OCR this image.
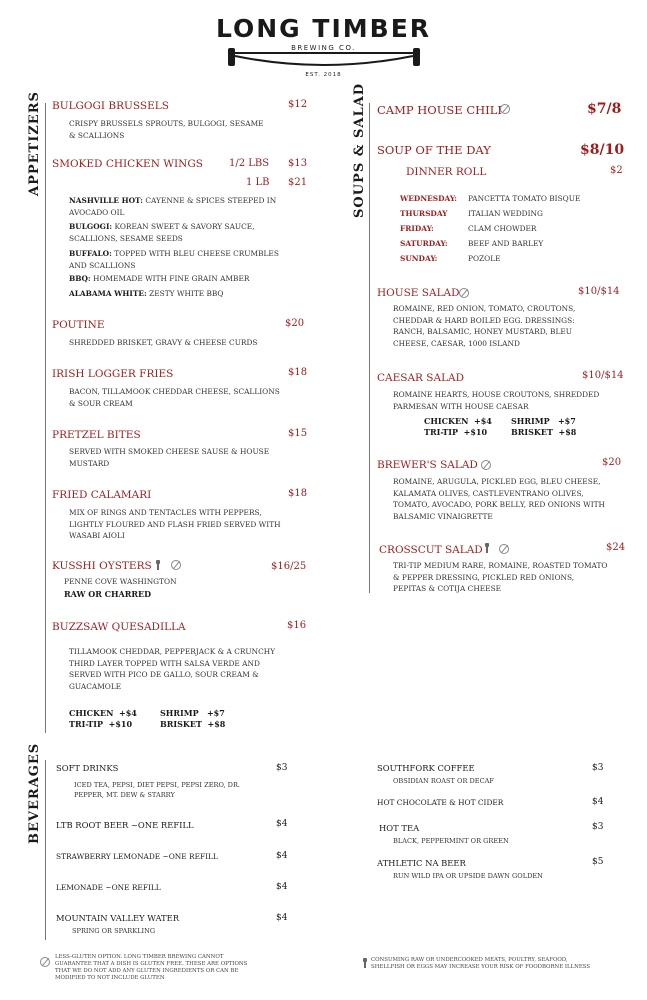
LONG TIMBER
BREWING CO.
EST. 2018
APPETIZERS BULGOGI BRUSSELS	$12
CRISPY BRUSSELS SPROUTS, BULGOGI, SESAME & SCALLIONS
SMOKED CHICKEN WINGS	1/2 LBS $13
1 LB $21
NASHVILLE HOT: CAYENNE & SPICES STEEPED IN AVOCADO OIL
BULGOGI: KOREAN SWEET & SAVORY SAUCE, SCALLIONS, SESAME SEEDS
BUFFALO: TOPPED WITH BLEU CHEESE CRUMBLES AND SCALLIONS
BBQ: HOMEMADE WITH FINE GRAIN AMBER
ALABAMA WHITE: ZESTY WHITE BBQ
POUTINE	$20
SHREDDED BRISKET, GRAVY & CHEESE CURDS
IRISH LOGGER FRIES	$18
BACON, TILLAMOOK CHEDDAR CHEESE, SCALLIONS & SOUR CREAM
PRETZEL BITES	$15
SERVED WITH SMOKED CHEESE SAUSE & HOUSE MUSTARD
FRIED CALAMARI	$18
MIX OF RINGS AND TENTACLES WITH PEPPERS, LIGHTLY FLOURED AND FLASH FRIED SERVED WITH WASABI AIOLI
KUSSHI OYSTERS	$16/25
PENNE COVE WASHINGTON
RAW OR CHARRED
BUZZSAW QUESADILLA	$16
TILLAMOOK CHEDDAR, PEPPERJACK & A CRUNCHY THIRD LAYER TOPPED WITH SALSA VERDE AND SERVED WITH PICO DE GALLO, SOUR CREAM & GUACAMOLE
CHICKEN +$4	SHRIMP +$7
TRI-TIP +$10	BRISKET +$8
SOUPS & SALAD CAMP HOUSE CHILI	$7/8
SOUP OF THE DAY	$8/10
DINNER ROLL	$2
WEDNESDAY: PANCETTA TOMATO BISQUE
THURSDAY	ITALIAN WEDDING
FRIDAY:	CLAM CHOWDER
SATURDAY:	BEEF AND BARLEY
SUNDAY:	POZOLE
HOUSE SALAD	$10/$14
ROMAINE, RED ONION, TOMATO, CROUTONS, CHEDDAR & HARD BOILED EGG. DRESSINGS: RANCH, BALSAMIC, HONEY MUSTARD, BLEU CHEESE, CAESAR, 1000 ISLAND
CAESAR SALAD	$10/$14
ROMAINE HEARTS, HOUSE CROUTONS, SHREDDED PARMESAN WITH HOUSE CAESAR
CHICKEN +$4 SHRIMP +$7
TRI-TIP +$10	BRISKET +$8
BREWER'S SALAD	$20
ROMAINE, ARUGULA, PICKLED EGG, BLEU CHEESE, KALAMATA OLIVES, CASTLEVENTRANO OLIVES, TOMATO, AVOCADO, PORK BELLY, RED ONIONS WITH BALSAMIC VINAIGRETTE
CROSSCUT SALAD	$24
TRI-TIP MEDIUM RARE, ROMAINE, ROASTED TOMATO & PEPPER DRESSING, PICKLED RED ONIONS, PEPITAS & COTIJA CHEESE
BEVERAGES SOFT DRINKS	$3
ICED TEA, PEPSI, DIET PEPSI, PEPSI ZERO, DR. PEPPER, MT. DEW & STARRY
LTB ROOT BEER ~ONE REFILL	$4
STRAWBERRY LEMONADE ~ONE REFILL	$4
LEMONADE ~ONE REFILL	$4
MOUNTAIN VALLEY WATER	$4
SPRING OR SPARKLING
SOUTHFORK COFFEE	$3
OBSIDIAN ROAST OR DECAF
HOT CHOCOLATE & HOT CIDER	$4
HOT TEA	$3
BLACK, PEPPERMINT OR GREEN
ATHLETIC NA BEER	$5
RUN WILD IPA OR UPSIDE DAWN GOLDEN
LESS-GLUTEN OPTION. LONG TIMBER BREWING CANNOT GUARANTEE THAT A DISH IS GLUTEN FREE. THESE ARE OPTIONS THAT WE DO NOT ADD ANY GLUTEN INGREDIENTS OR CAN BE MODIFIED TO NOT INCLUDE GLUTEN
CONSUMING RAW OR UNDERCOOKED MEATS, POULTRY, SEAFOOD, SHELLFISH OR EGGS MAY INCREASE YOUR RISK OF FOODBORNE ILLNESS
